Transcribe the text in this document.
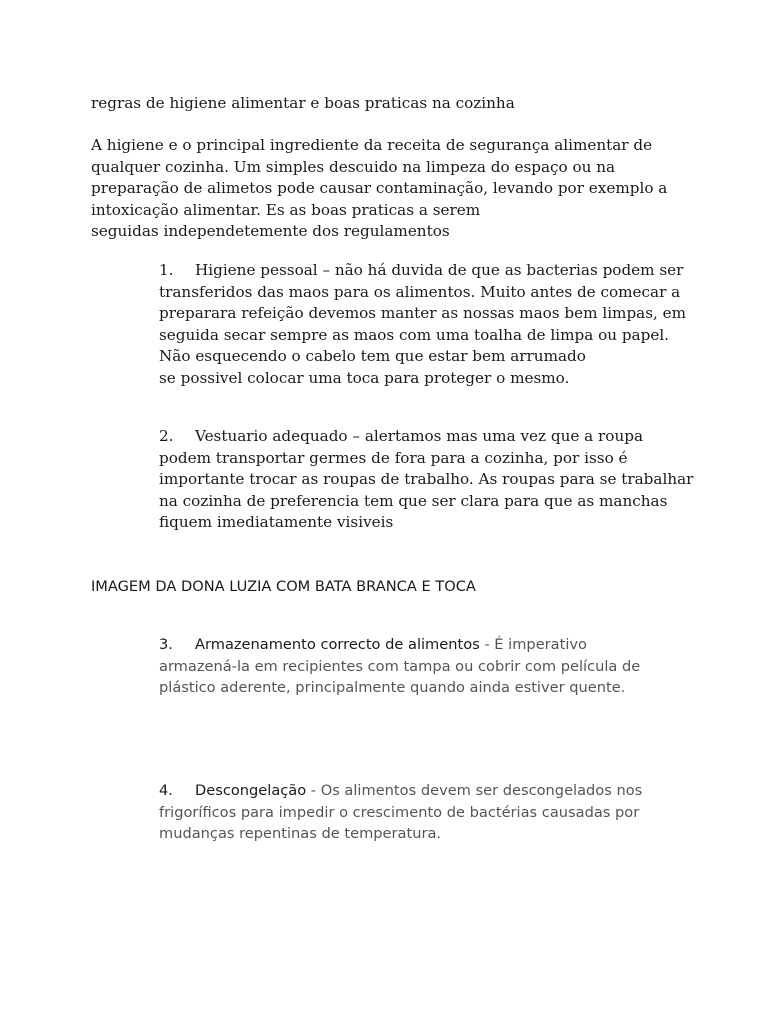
regras de higiene alimentar e boas praticas na cozinha
A higiene e o principal ingrediente da receita de segurança alimentar de
qualquer cozinha. Um simples descuido na limpeza do espaço ou na
preparação de alimetos pode causar contaminação, levando por exemplo a
intoxicação alimentar. Es as boas praticas a serem
seguidas independetemente dos regulamentos
1. Higiene pessoal – não há duvida de que as bacterias podem ser
transferidos das maos para os alimentos. Muito antes de comecar a
preparara refeição devemos manter as nossas maos bem limpas, em
seguida secar sempre as maos com uma toalha de limpa ou papel.
Não esquecendo o cabelo tem que estar bem arrumado
se possivel colocar uma toca para proteger o mesmo.
2. Vestuario adequado – alertamos mas uma vez que a roupa
podem transportar germes de fora para a cozinha, por isso é
importante trocar as roupas de trabalho. As roupas para se trabalhar
na cozinha de preferencia tem que ser clara para que as manchas
fiquem imediatamente visiveis
IMAGEM DA DONA LUZIA COM BATA BRANCA E TOCA
3. Armazenamento correcto de alimentos - É imperativo
armazená-la em recipientes com tampa ou cobrir com película de
plástico aderente, principalmente quando ainda estiver quente.
4. Descongelação - Os alimentos devem ser descongelados nos
frigoríficos para impedir o crescimento de bactérias causadas por
mudanças repentinas de temperatura.
